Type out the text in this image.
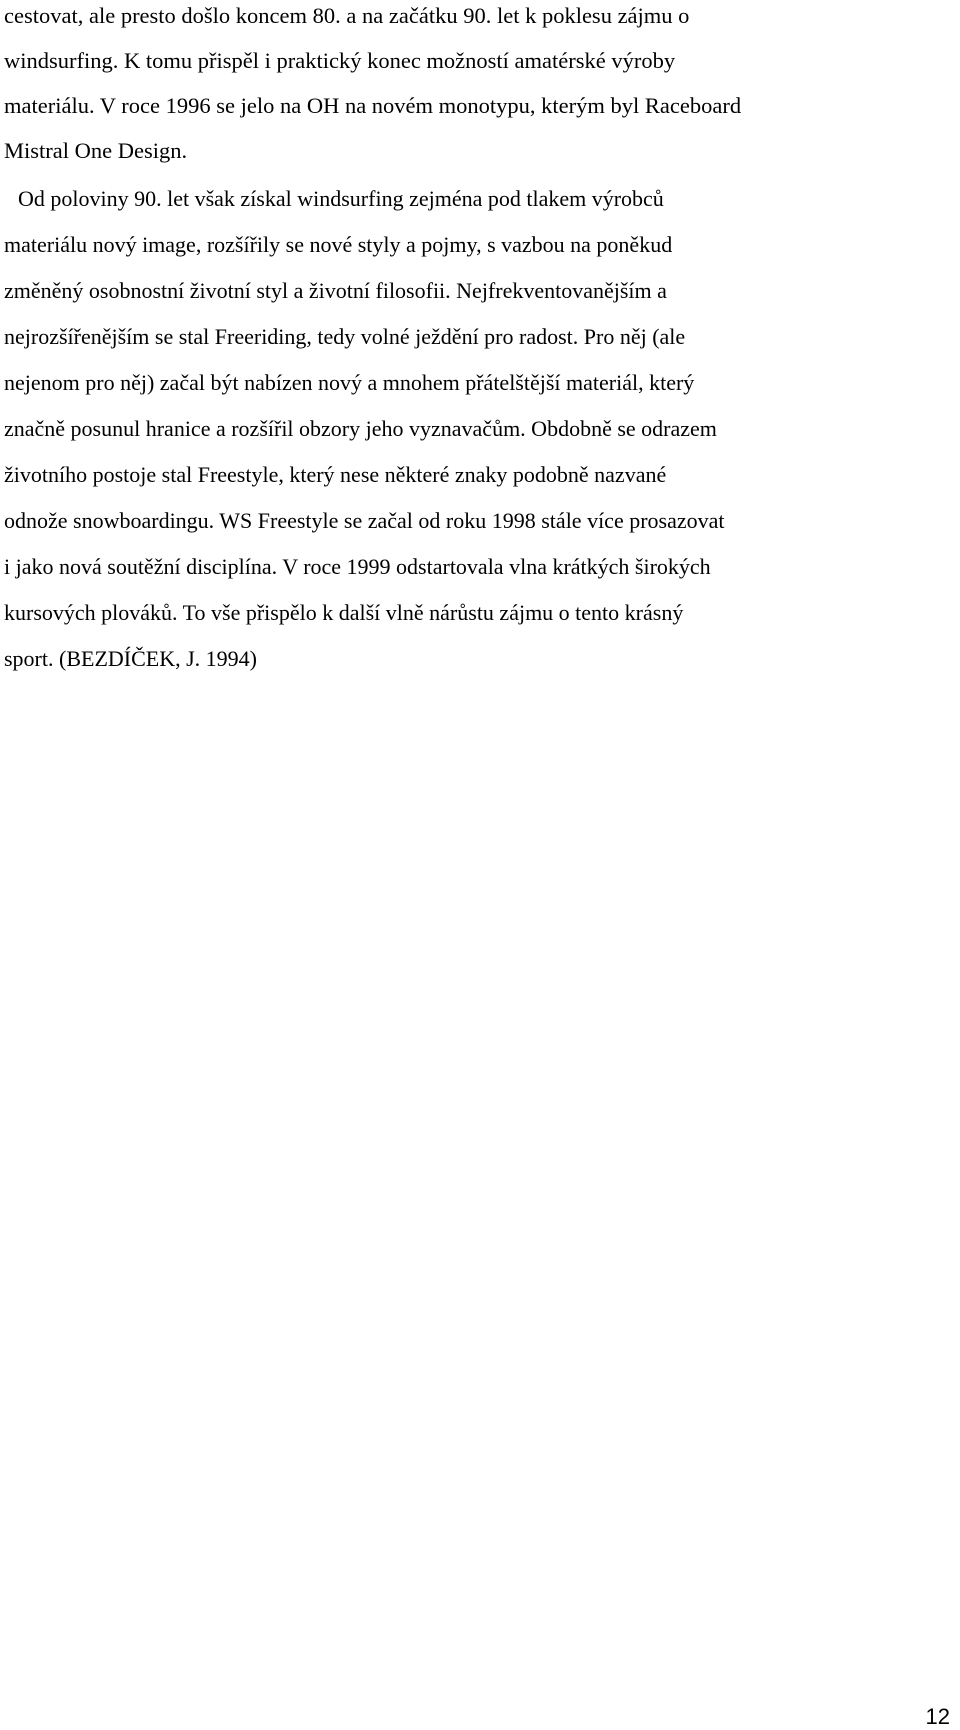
cestovat, ale presto došlo koncem 80. a na začátku 90. let k poklesu zájmu o
windsurfing. K tomu přispěl i praktický konec možností amatérské výroby
materiálu. V roce 1996 se jelo na OH na novém monotypu, kterým byl Raceboard
Mistral One Design.
Od poloviny 90. let však získal windsurfing zejména pod tlakem výrobců
materiálu nový image, rozšířily se nové styly a pojmy, s vazbou na poněkud
změněný osobnostní životní styl a životní filosofii. Nejfrekventovanějším a
nejrozšířenějším se stal Freeriding, tedy volné ježdění pro radost. Pro něj (ale
nejenom pro něj) začal být nabízen nový a mnohem přátelštější materiál, který
značně posunul hranice a rozšířil obzory jeho vyznavačům. Obdobně se odrazem
životního postoje stal Freestyle, který nese některé znaky podobně nazvané
odnože snowboardingu. WS Freestyle se začal od roku 1998 stále více prosazovat
i jako nová soutěžní disciplína. V roce 1999 odstartovala vlna krátkých širokých
kursových plováků. To vše přispělo k další vlně nárůstu zájmu o tento krásný
sport. (BEZDÍČEK, J. 1994)
12
